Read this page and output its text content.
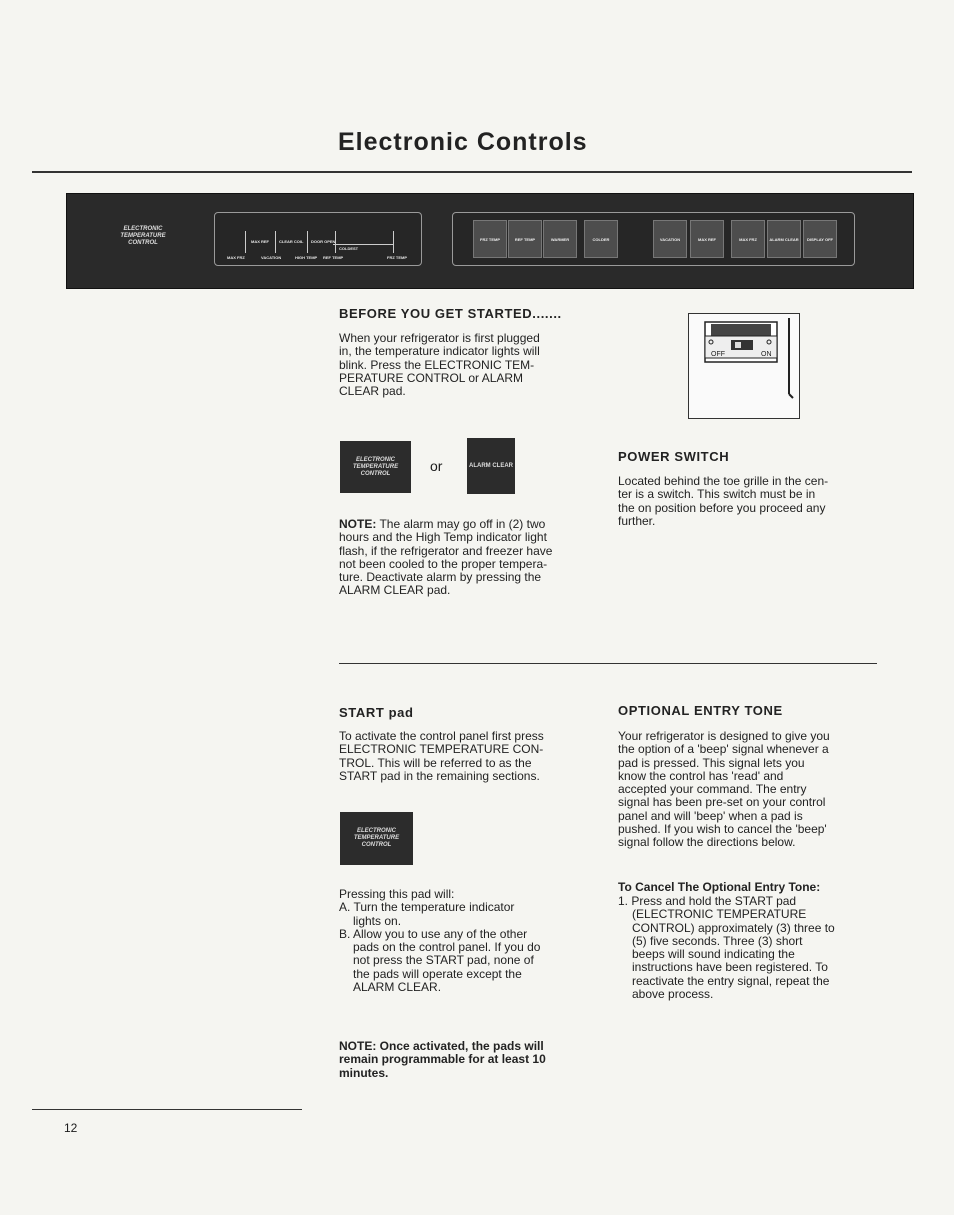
Electronic Controls
ELECTRONIC TEMPERATURE CONTROL	MAX REF	CLEAR COIL DOOR OPEN
COLDEST
MAX FRZ	VACATION	HIGH TEMP REF TEMP	FRZ TEMP
FRZ TEMP	REF TEMP	WARMER	COLDER	VACATION	MAX REF	MAX FRZ	ALARM CLEAR	DISPLAY OFF
BEFORE YOU GET STARTED.......

When your refrigerator is first plugged

in, the temperature indicator lights will

blink. Press the ELECTRONIC TEM-

PERATURE CONTROL or ALARM

CLEAR pad.

ELECTRONIC TEMPERATURE CONTROL	or	ALARM CLEAR

NOTE: The alarm may go off in (2) two

hours and the High Temp indicator light

flash, if the refrigerator and freezer have

not been cooled to the proper tempera-

ture. Deactivate alarm by pressing the

ALARM CLEAR pad.

OFF	ON
POWER SWITCH

Located behind the toe grille in the cen-

ter is a switch. This switch must be in

the on position before you proceed any

further.

START pad

To activate the control panel first press

ELECTRONIC TEMPERATURE CON-

TROL. This will be referred to as the

START pad in the remaining sections.

ELECTRONIC TEMPERATURE CONTROL

Pressing this pad will:

A. Turn the temperature indicator

lights on.

B. Allow you to use any of the other

pads on the control panel. If you do

not press the START pad, none of

the pads will operate except the

ALARM CLEAR.

NOTE: Once activated, the pads will

remain programmable for at least 10

minutes.

OPTIONAL ENTRY TONE

Your refrigerator is designed to give you

the option of a 'beep' signal whenever a

pad is pressed. This signal lets you

know the control has 'read' and

accepted your command. The entry

signal has been pre-set on your control

panel and will 'beep' when a pad is

pushed. If you wish to cancel the 'beep'

signal follow the directions below.

To Cancel The Optional Entry Tone:

1. Press and hold the START pad

(ELECTRONIC TEMPERATURE

CONTROL) approximately (3) three to

(5) five seconds. Three (3) short

beeps will sound indicating the

instructions have been registered. To

reactivate the entry signal, repeat the

above process.

12
